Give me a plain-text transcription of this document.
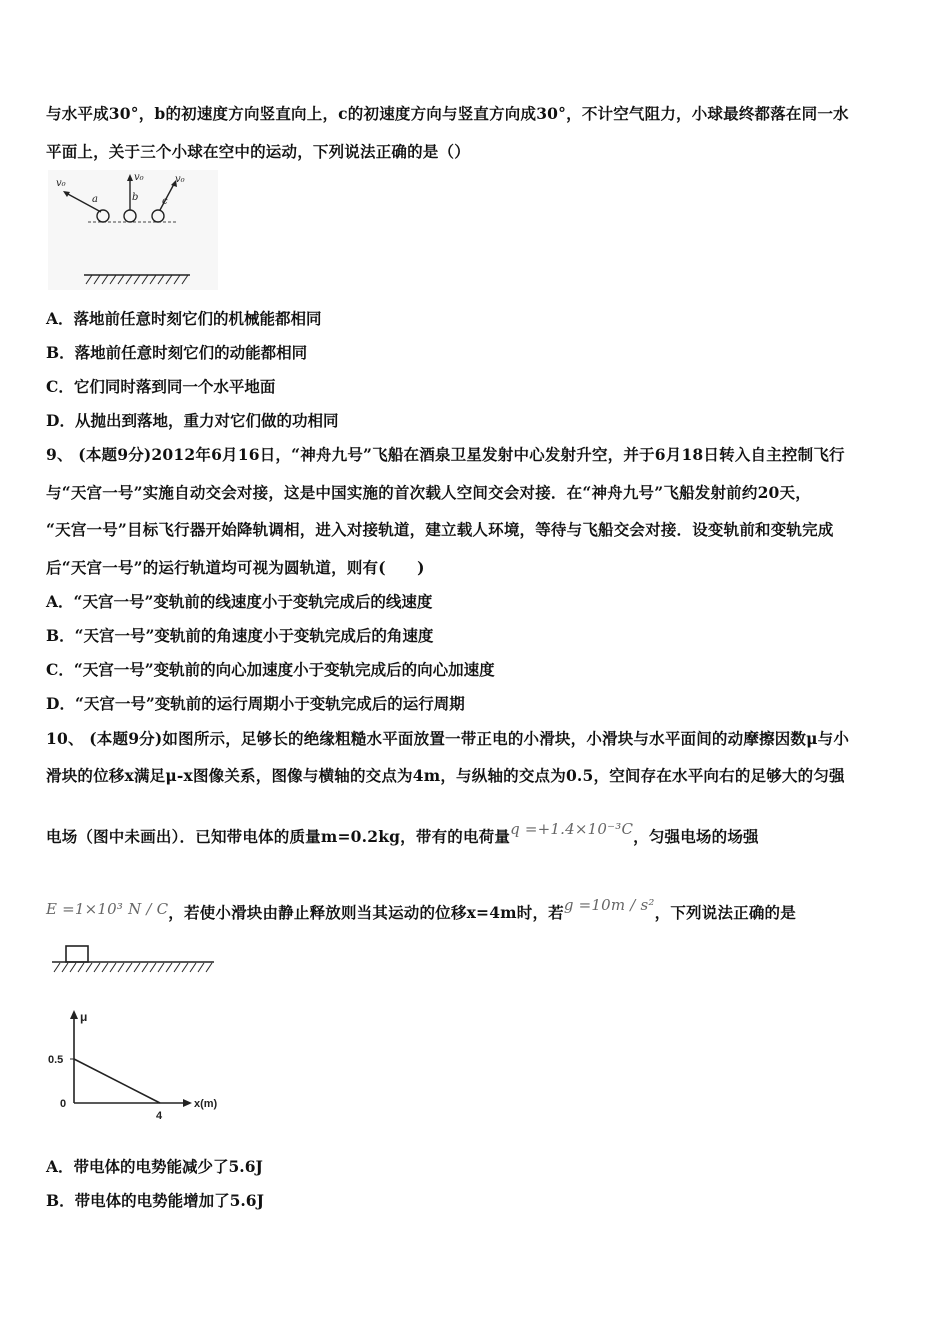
与水平成30°，b的初速度方向竖直向上，c的初速度方向与竖直方向成30°，不计空气阻力，小球最终都落在同一水
平面上，关于三个小球在空中的运动，下列说法正确的是（）
v₀
v₀	v₀
a	b c
A．落地前任意时刻它们的机械能都相同
B．落地前任意时刻它们的动能都相同
C．它们同时落到同一个水平地面
D．从抛出到落地，重力对它们做的功相同
9、 (本题9分)2012年6月16日，“神舟九号”飞船在酒泉卫星发射中心发射升空，并于6月18日转入自主控制飞行
与“天宫一号”实施自动交会对接，这是中国实施的首次载人空间交会对接．在“神舟九号”飞船发射前约20天，
“天宫一号”目标飞行器开始降轨调相，进入对接轨道，建立载人环境，等待与飞船交会对接．设变轨前和变轨完成
后“天宫一号”的运行轨道均可视为圆轨道，则有(　　)
A．“天宫一号”变轨前的线速度小于变轨完成后的线速度
B．“天宫一号”变轨前的角速度小于变轨完成后的角速度
C．“天宫一号”变轨前的向心加速度小于变轨完成后的向心加速度
D．“天宫一号”变轨前的运行周期小于变轨完成后的运行周期
10、 (本题9分)如图所示，足够长的绝缘粗糙水平面放置一带正电的小滑块，小滑块与水平面间的动摩擦因数μ与小
滑块的位移x满足μ-x图像关系，图像与横轴的交点为4m，与纵轴的交点为0.5，空间存在水平向右的足够大的匀强
电场（图中未画出）．已知带电体的质量m=0.2kg，带有的电荷量q =+1.4×10⁻³C，匀强电场的场强
E =1×10³ N / C，若使小滑块由静止释放则当其运动的位移x=4m时，若g =10m / s²，下列说法正确的是
μ
x(m)
0.5
0
4
A．带电体的电势能减少了5.6J
B．带电体的电势能增加了5.6J
